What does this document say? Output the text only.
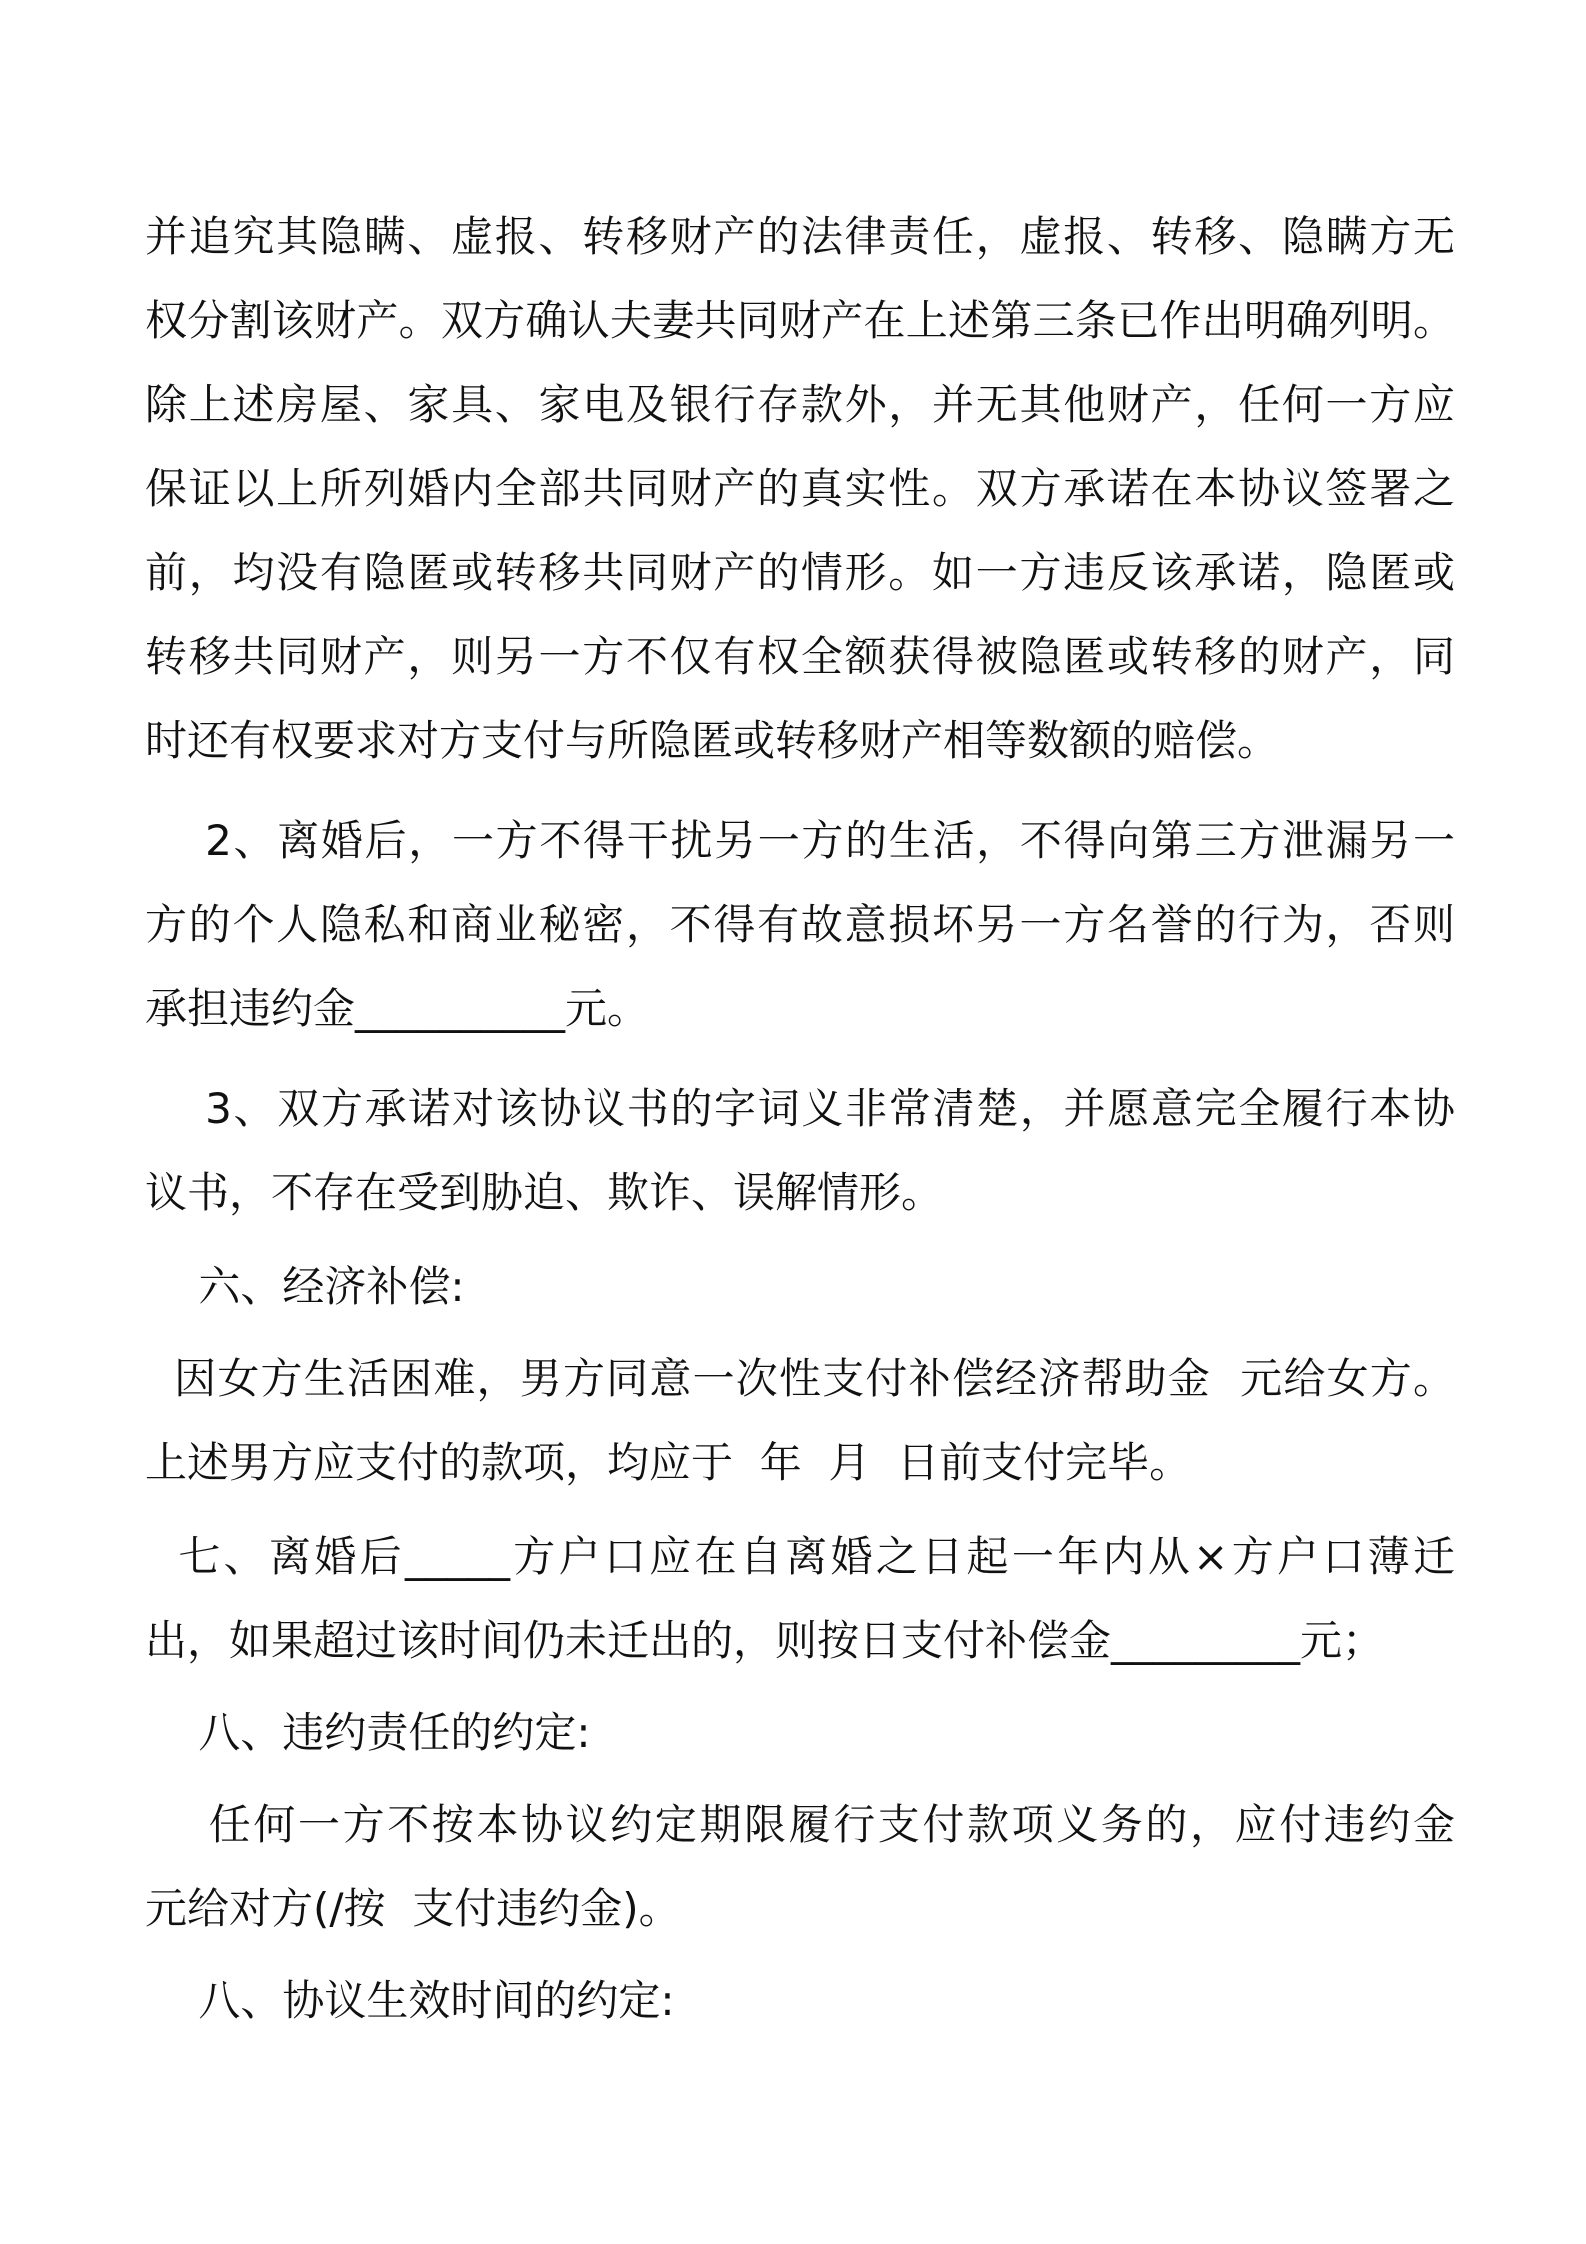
并追究其隐瞒、虚报、转移财产的法律责任，虚报、转移、隐瞒方无
权分割该财产。双方确认夫妻共同财产在上述第三条已作出明确列明。
除上述房屋、家具、家电及银行存款外，并无其他财产，任何一方应
保证以上所列婚内全部共同财产的真实性。双方承诺在本协议签署之
前，均没有隐匿或转移共同财产的情形。如一方违反该承诺，隐匿或
转移共同财产，则另一方不仅有权全额获得被隐匿或转移的财产，同
时还有权要求对方支付与所隐匿或转移财产相等数额的赔偿。
2、离婚后，一方不得干扰另一方的生活，不得向第三方泄漏另一
方的个人隐私和商业秘密，不得有故意损坏另一方名誉的行为，否则
承担违约金__________元。
3、双方承诺对该协议书的字词义非常清楚，并愿意完全履行本协
议书，不存在受到胁迫、欺诈、误解情形。
六、经济补偿:
因女方生活困难，男方同意一次性支付补偿经济帮助金  元给女方。
上述男方应支付的款项，均应于  年  月  日前支付完毕。
七、离婚后_____方户口应在自离婚之日起一年内从×方户口薄迁
出，如果超过该时间仍未迁出的，则按日支付补偿金_________元；
八、违约责任的约定:
任何一方不按本协议约定期限履行支付款项义务的，应付违约金
元给对方(/按  支付违约金)。
八、协议生效时间的约定:
